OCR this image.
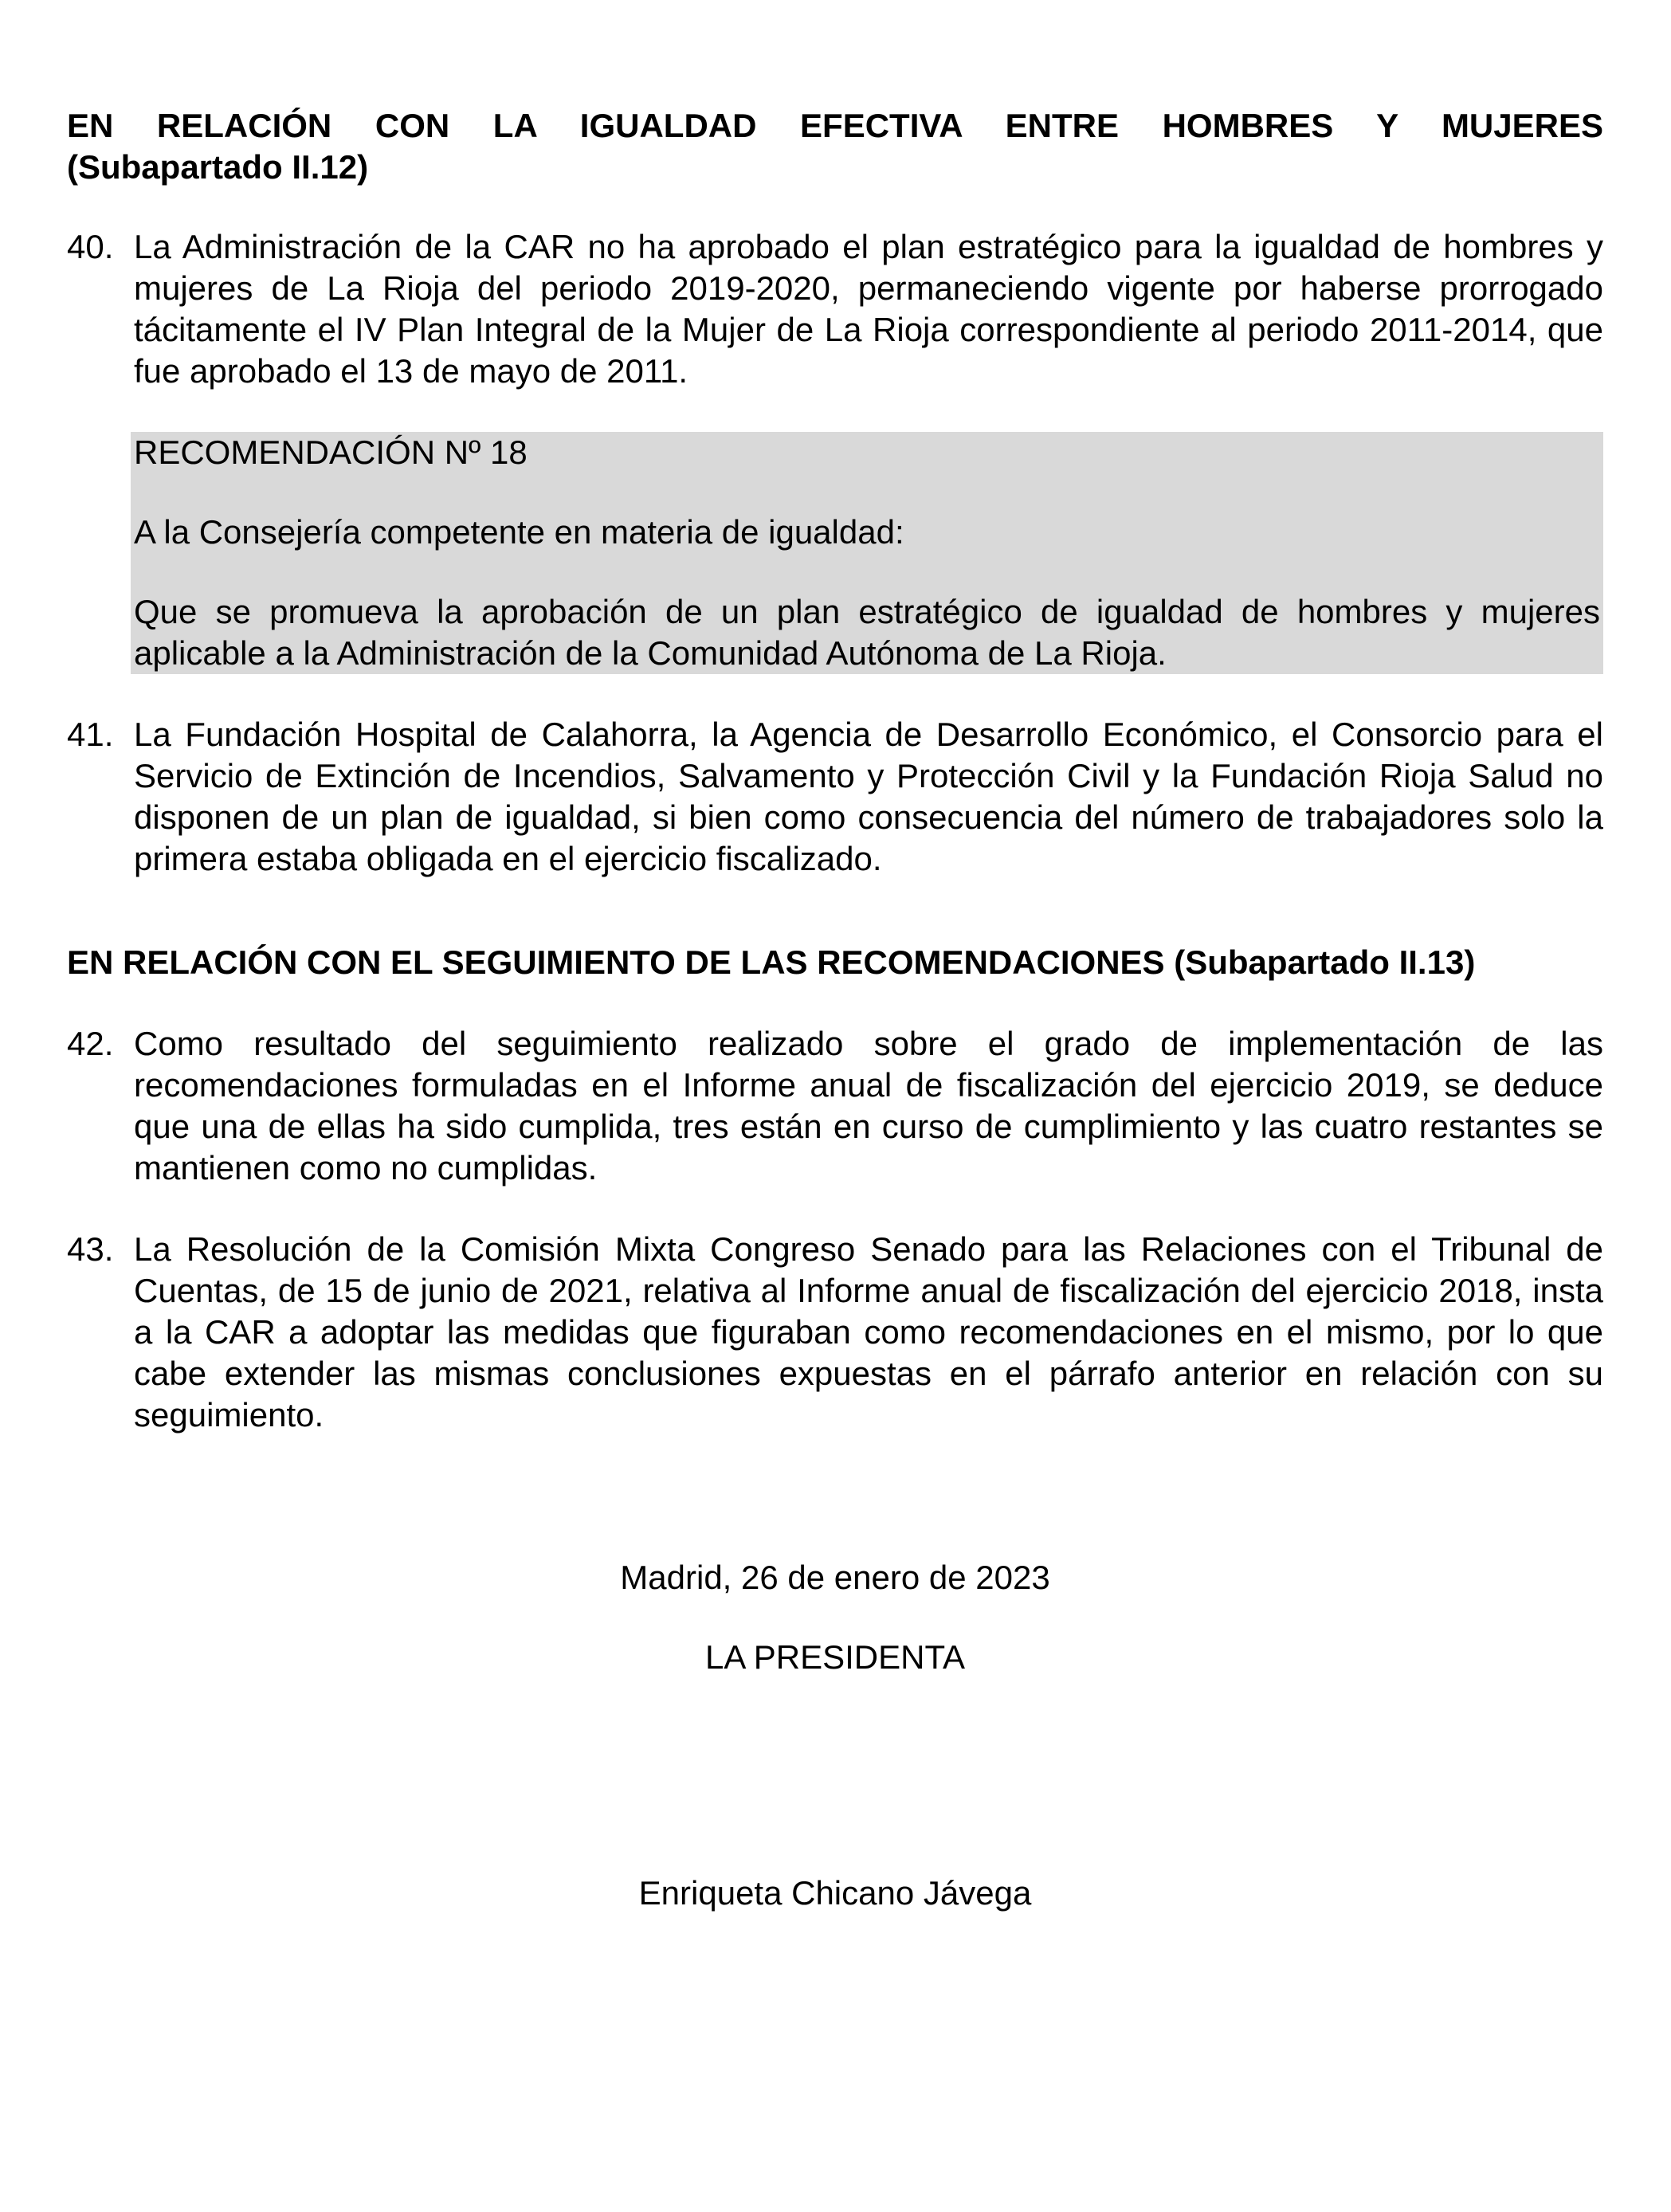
EN RELACIÓN CON LA IGUALDAD EFECTIVA ENTRE HOMBRES Y MUJERES
(Subapartado II.12)
40. La Administración de la CAR no ha aprobado el plan estratégico para la igualdad de hombres y mujeres de La Rioja del periodo 2019-2020, permaneciendo vigente por haberse prorrogado tácitamente el IV Plan Integral de la Mujer de La Rioja correspondiente al periodo 2011-2014, que fue aprobado el 13 de mayo de 2011.

RECOMENDACIÓN Nº 18

A la Consejería competente en materia de igualdad:

Que se promueva la aprobación de un plan estratégico de igualdad de hombres y mujeres aplicable a la Administración de la Comunidad Autónoma de La Rioja.

41. La Fundación Hospital de Calahorra, la Agencia de Desarrollo Económico, el Consorcio para el Servicio de Extinción de Incendios, Salvamento y Protección Civil y la Fundación Rioja Salud no disponen de un plan de igualdad, si bien como consecuencia del número de trabajadores solo la primera estaba obligada en el ejercicio fiscalizado.
EN RELACIÓN CON EL SEGUIMIENTO DE LAS RECOMENDACIONES (Subapartado II.13)
42. Como resultado del seguimiento realizado sobre el grado de implementación de las recomendaciones formuladas en el Informe anual de fiscalización del ejercicio 2019, se deduce que una de ellas ha sido cumplida, tres están en curso de cumplimiento y las cuatro restantes se mantienen como no cumplidas.
43. La Resolución de la Comisión Mixta Congreso Senado para las Relaciones con el Tribunal de Cuentas, de 15 de junio de 2021, relativa al Informe anual de fiscalización del ejercicio 2018, insta a la CAR a adoptar las medidas que figuraban como recomendaciones en el mismo, por lo que cabe extender las mismas conclusiones expuestas en el párrafo anterior en relación con su seguimiento.

Madrid, 26 de enero de 2023

LA PRESIDENTA

Enriqueta Chicano Jávega
